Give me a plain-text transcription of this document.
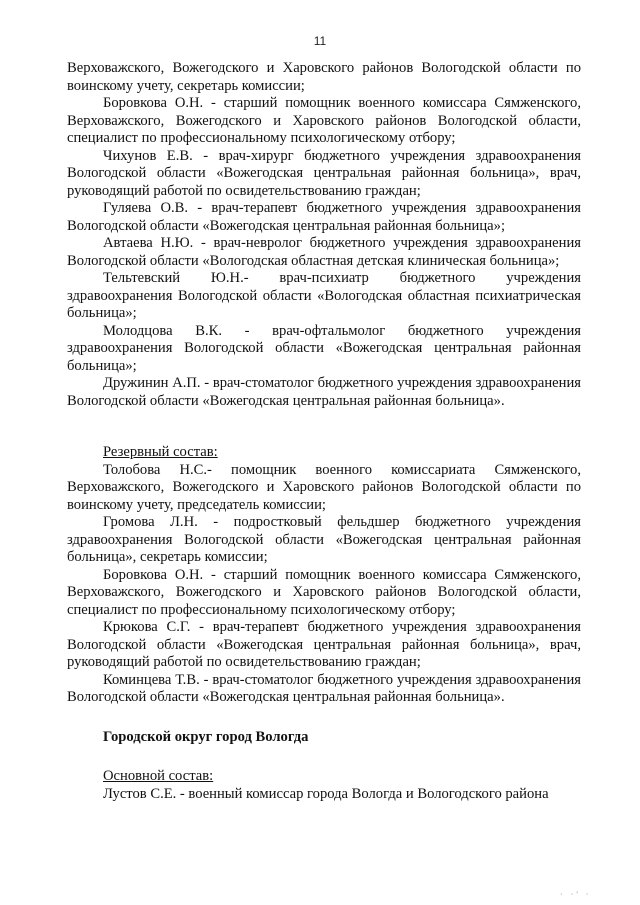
11

Верховажского, Вожегодского и Харовского районов Вологодской области по воинскому учету, секретарь комиссии;

Боровкова О.Н. - старший помощник военного комиссара Сямженского, Верховажского, Вожегодского и Харовского районов Вологодской области, специалист по профессиональному психологическому отбору;

Чихунов Е.В. - врач-хирург бюджетного учреждения здравоохранения Вологодской области «Вожегодская центральная районная больница», врач, руководящий работой по освидетельствованию граждан;

Гуляева О.В. - врач-терапевт бюджетного учреждения здравоохранения Вологодской области «Вожегодская центральная районная больница»;

Автаева Н.Ю. - врач-невролог бюджетного учреждения здравоохранения Вологодской области «Вологодская областная детская клиническая больница»;

Тельтевский Ю.Н.- врач-психиатр бюджетного учреждения здравоохранения Вологодской области «Вологодская областная психиатрическая больница»;

Молодцова В.К. - врач-офтальмолог бюджетного учреждения здравоохранения Вологодской области «Вожегодская центральная районная больница»;

Дружинин А.П. - врач-стоматолог бюджетного учреждения здравоохранения Вологодской области «Вожегодская центральная районная больница».

Резервный состав:

Толобова Н.С.- помощник военного комиссариата Сямженского, Верховажского, Вожегодского и Харовского районов Вологодской области по воинскому учету, председатель комиссии;

Громова Л.Н. - подростковый фельдшер бюджетного учреждения здравоохранения Вологодской области «Вожегодская центральная районная больница», секретарь комиссии;

Боровкова О.Н. - старший помощник военного комиссара Сямженского, Верховажского, Вожегодского и Харовского районов Вологодской области, специалист по профессиональному психологическому отбору;

Крюкова С.Г. - врач-терапевт бюджетного учреждения здравоохранения Вологодской области «Вожегодская центральная районная больница», врач, руководящий работой по освидетельствованию граждан;

Коминцева Т.В. - врач-стоматолог бюджетного учреждения здравоохранения Вологодской области «Вожегодская центральная районная больница».

Городской округ город Вологда

Основной состав:

Лустов С.Е. - военный комиссар города Вологда и Вологодского района

· ·' ·
